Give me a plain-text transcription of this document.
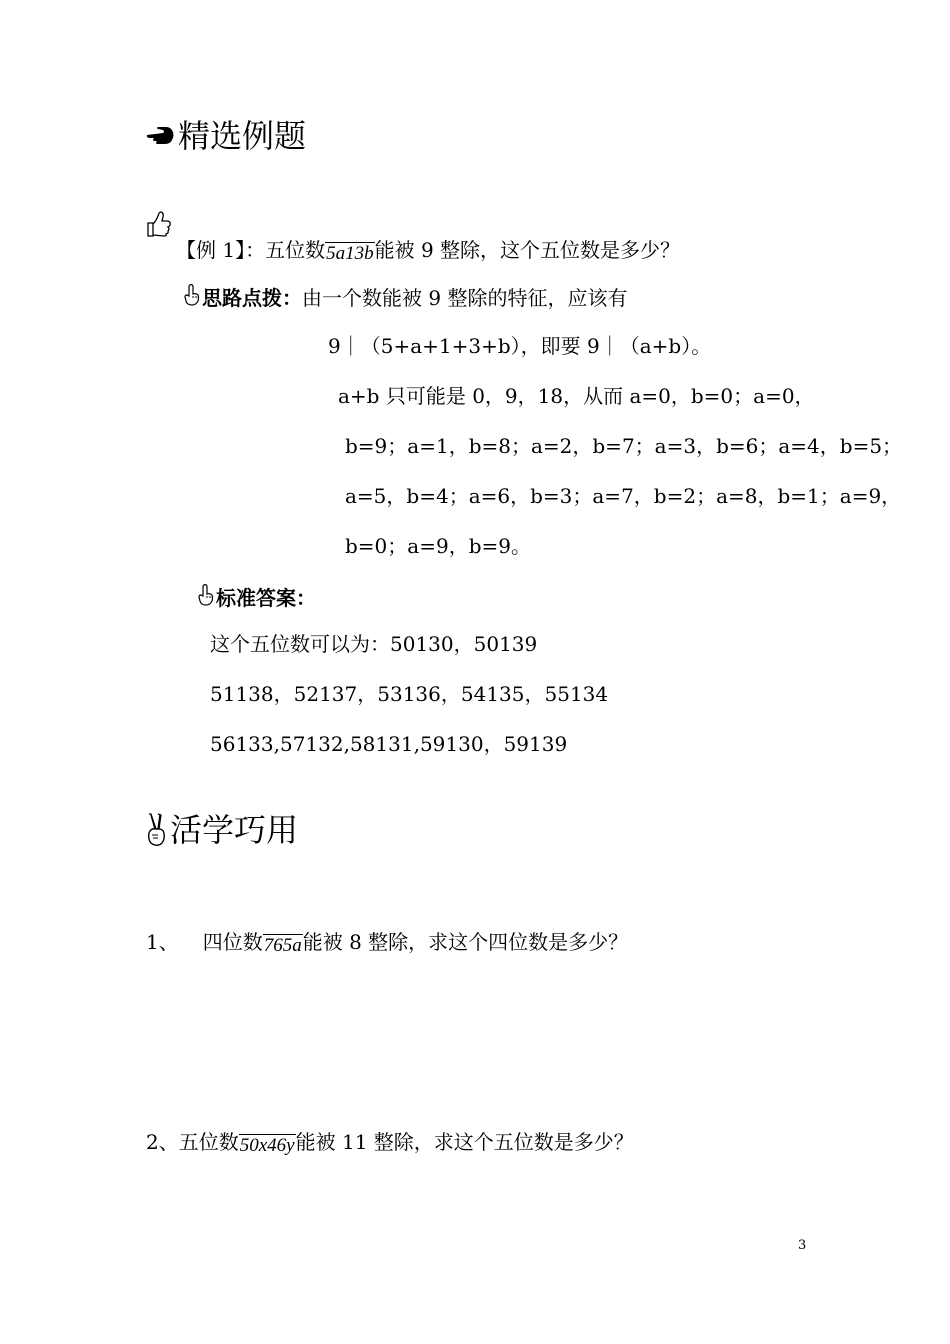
精选例题
【例 1】：五位数5a13b能被 9 整除，这个五位数是多少？
思路点拨： 由一个数能被 9 整除的特征，应该有
9｜（5+a+1+3+b），即要 9｜（a+b）。
a+b 只可能是 0，9，18，从而 a=0，b=0；a=0，
b=9；a=1，b=8；a=2，b=7；a=3，b=6；a=4，b=5；
a=5，b=4；a=6，b=3；a=7，b=2；a=8，b=1；a=9，
b=0；a=9，b=9。
标准答案：
这个五位数可以为：50130，50139
51138，52137，53136，54135，55134
56133,57132,58131,59130，59139
活学巧用
1、 四位数765a能被 8 整除，求这个四位数是多少？
2、五位数50x46y能被 11 整除，求这个五位数是多少？
3
